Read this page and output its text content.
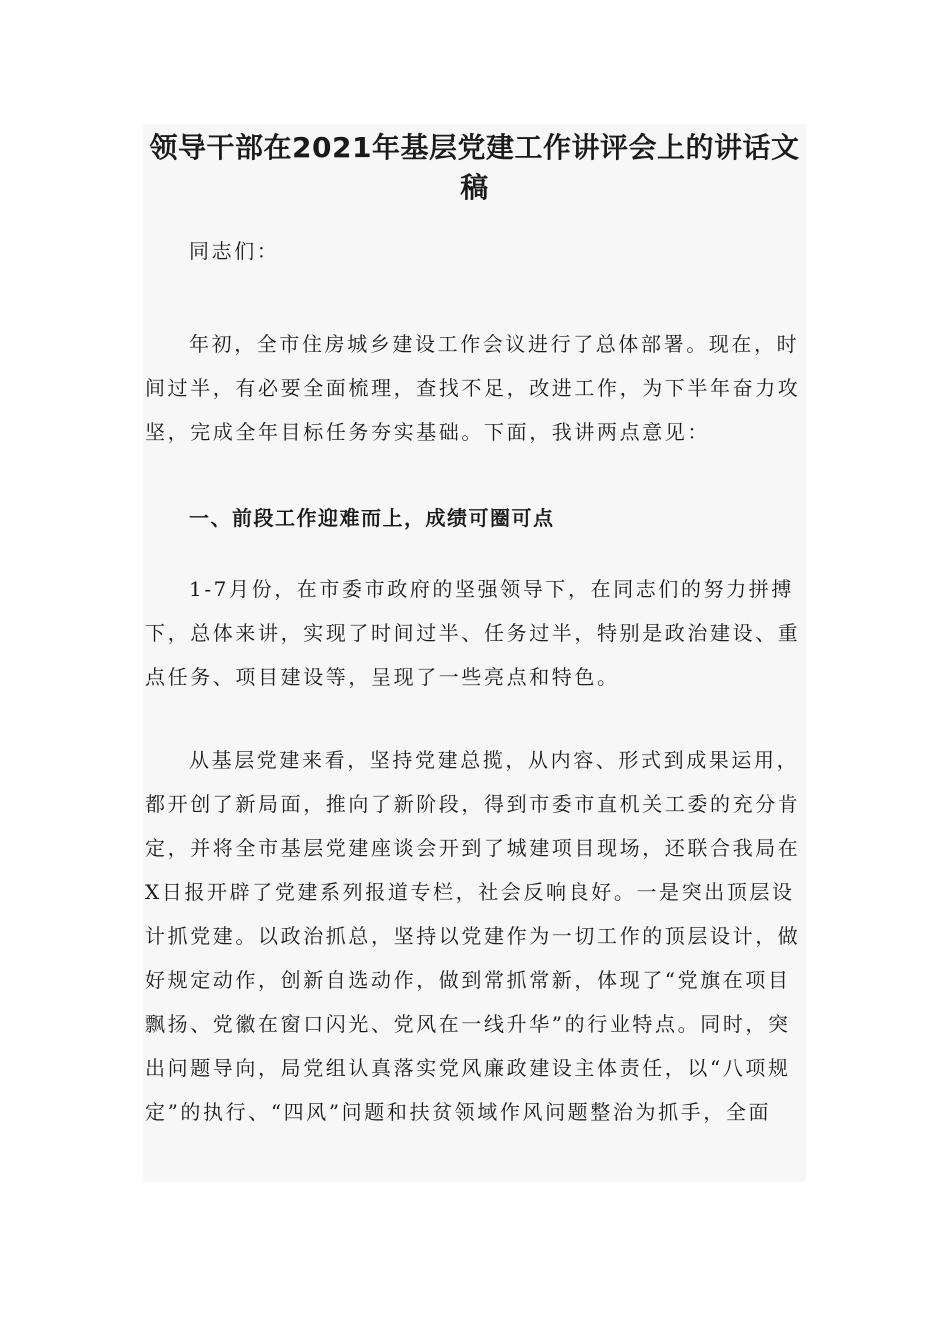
领导干部在2021年基层党建工作讲评会上的讲话文
稿

同志们：

年初，全市住房城乡建设工作会议进行了总体部署。现在，时
间过半，有必要全面梳理，查找不足，改进工作，为下半年奋力攻
坚，完成全年目标任务夯实基础。下面，我讲两点意见：

一、前段工作迎难而上，成绩可圈可点

1-7月份，在市委市政府的坚强领导下，在同志们的努力拼搏
下，总体来讲，实现了时间过半、任务过半，特别是政治建设、重
点任务、项目建设等，呈现了一些亮点和特色。

从基层党建来看，坚持党建总揽，从内容、形式到成果运用，
都开创了新局面，推向了新阶段，得到市委市直机关工委的充分肯
定，并将全市基层党建座谈会开到了城建项目现场，还联合我局在
X日报开辟了党建系列报道专栏，社会反响良好。一是突出顶层设
计抓党建。以政治抓总，坚持以党建作为一切工作的顶层设计，做
好规定动作，创新自选动作，做到常抓常新，体现了“党旗在项目
飘扬、党徽在窗口闪光、党风在一线升华”的行业特点。同时，突
出问题导向，局党组认真落实党风廉政建设主体责任，以“八项规
定”的执行、“四风”问题和扶贫领域作风问题整治为抓手，全面
